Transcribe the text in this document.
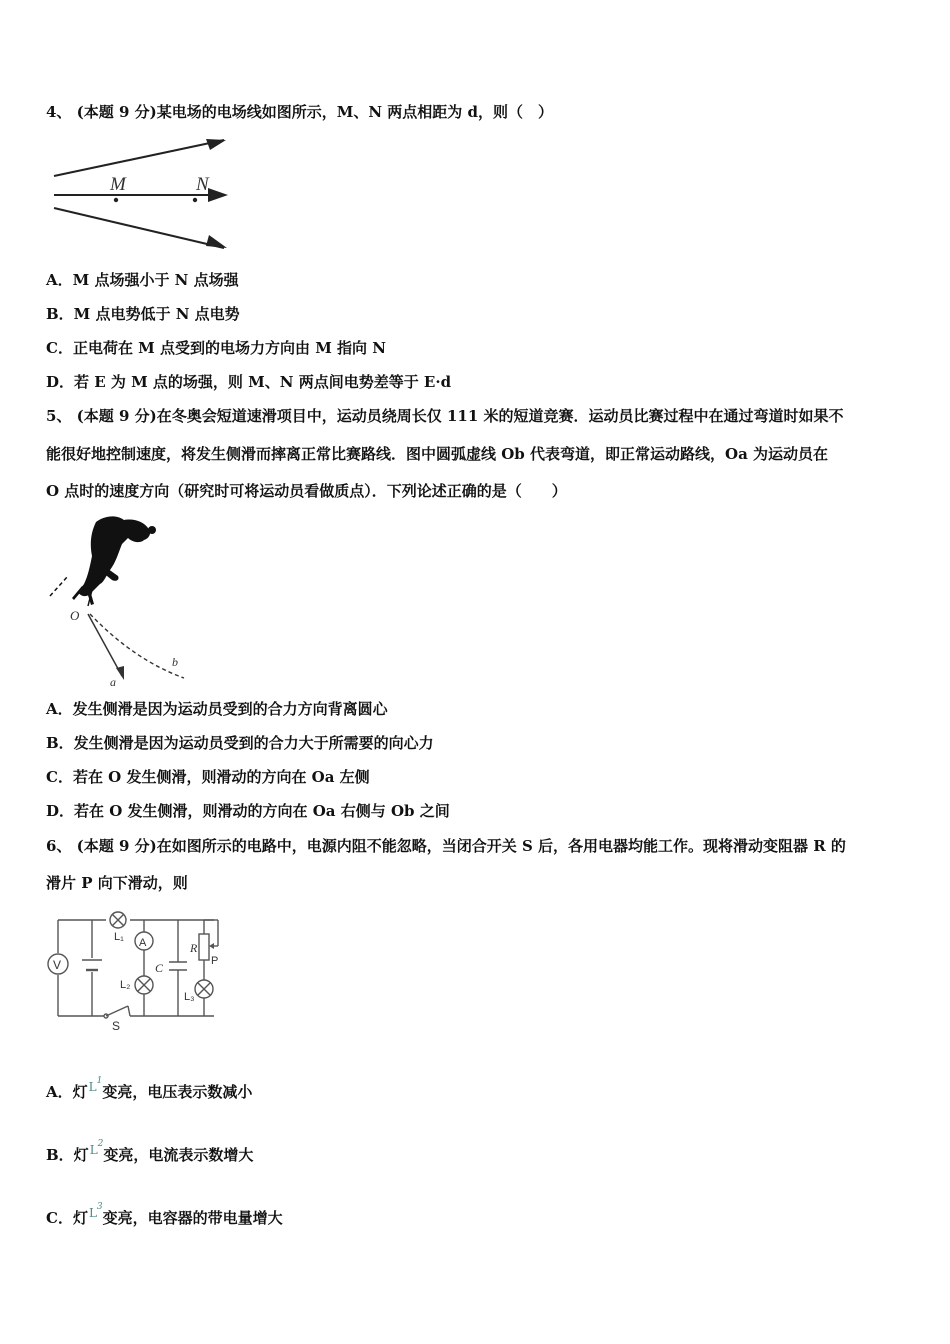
4、 (本题 9 分)某电场的电场线如图所示，M、N 两点相距为 d，则（　）
M	N
A．M 点场强小于 N 点场强
B．M 点电势低于 N 点电势
C．正电荷在 M 点受到的电场力方向由 M 指向 N
D．若 E 为 M 点的场强，则 M、N 两点间电势差等于 E·d
5、 (本题 9 分)在冬奥会短道速滑项目中，运动员绕周长仅 111 米的短道竞赛．运动员比赛过程中在通过弯道时如果不
能很好地控制速度，将发生侧滑而摔离正常比赛路线．图中圆弧虚线 Ob 代表弯道，即正常运动路线，Oa 为运动员在
O 点时的速度方向（研究时可将运动员看做质点）．下列论述正确的是（　　）
O
a
b
A．发生侧滑是因为运动员受到的合力方向背离圆心
B．发生侧滑是因为运动员受到的合力大于所需要的向心力
C．若在 O 发生侧滑，则滑动的方向在 Oa 左侧
D．若在 O 发生侧滑，则滑动的方向在 Oa 右侧与 Ob 之间
6、 (本题 9 分)在如图所示的电路中，电源内阻不能忽略，当闭合开关 S 后，各用电器均能工作。现将滑动变阻器 R 的
滑片 P 向下滑动，则
V
S
A
L₁
L₂
C
R
P
L₃
A．灯$^{L^1}$变亮，电压表示数减小
B．灯$^{L^2}$变亮，电流表示数增大
C．灯$^{L^3}$变亮，电容器的带电量增大
